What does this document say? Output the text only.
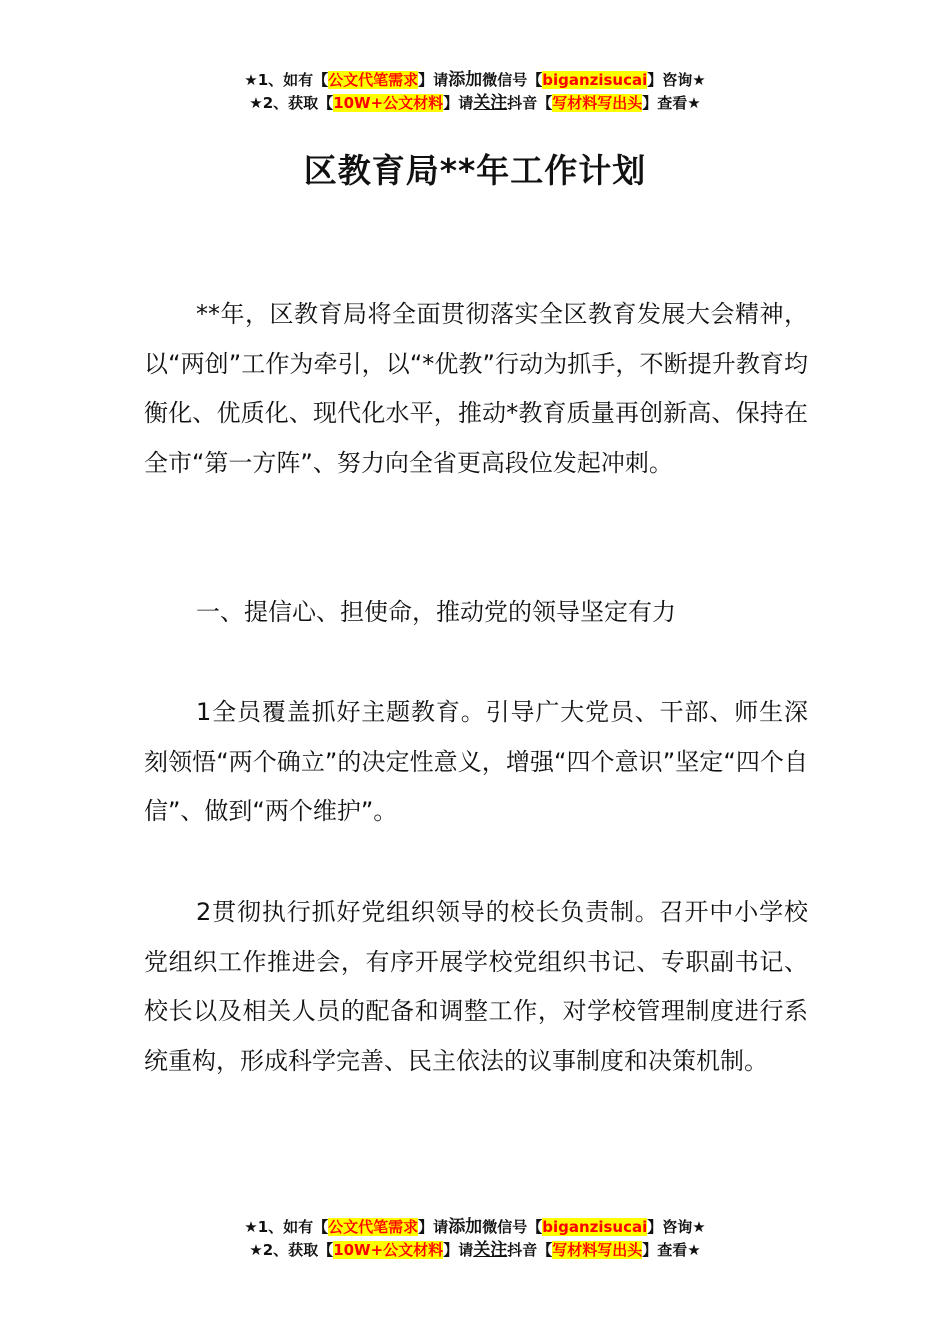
★1、如有【公文代笔需求】请添加微信号【biganzisucai】咨询★
★2、获取【10W+公文材料】请关注抖音【写材料写出头】查看★
区教育局**年工作计划

**年，区教育局将全面贯彻落实全区教育发展大会精神，以“两创”工作为牵引，以“*优教”行动为抓手，不断提升教育均衡化、优质化、现代化水平，推动*教育质量再创新高、保持在全市“第一方阵”、努力向全省更高段位发起冲刺。

一、提信心、担使命，推动党的领导坚定有力

1全员覆盖抓好主题教育。引导广大党员、干部、师生深刻领悟“两个确立”的决定性意义，增强“四个意识”坚定“四个自信”、做到“两个维护”。

2贯彻执行抓好党组织领导的校长负责制。召开中小学校党组织工作推进会，有序开展学校党组织书记、专职副书记、校长以及相关人员的配备和调整工作，对学校管理制度进行系统重构，形成科学完善、民主依法的议事制度和决策机制。

★1、如有【公文代笔需求】请添加微信号【biganzisucai】咨询★
★2、获取【10W+公文材料】请关注抖音【写材料写出头】查看★
